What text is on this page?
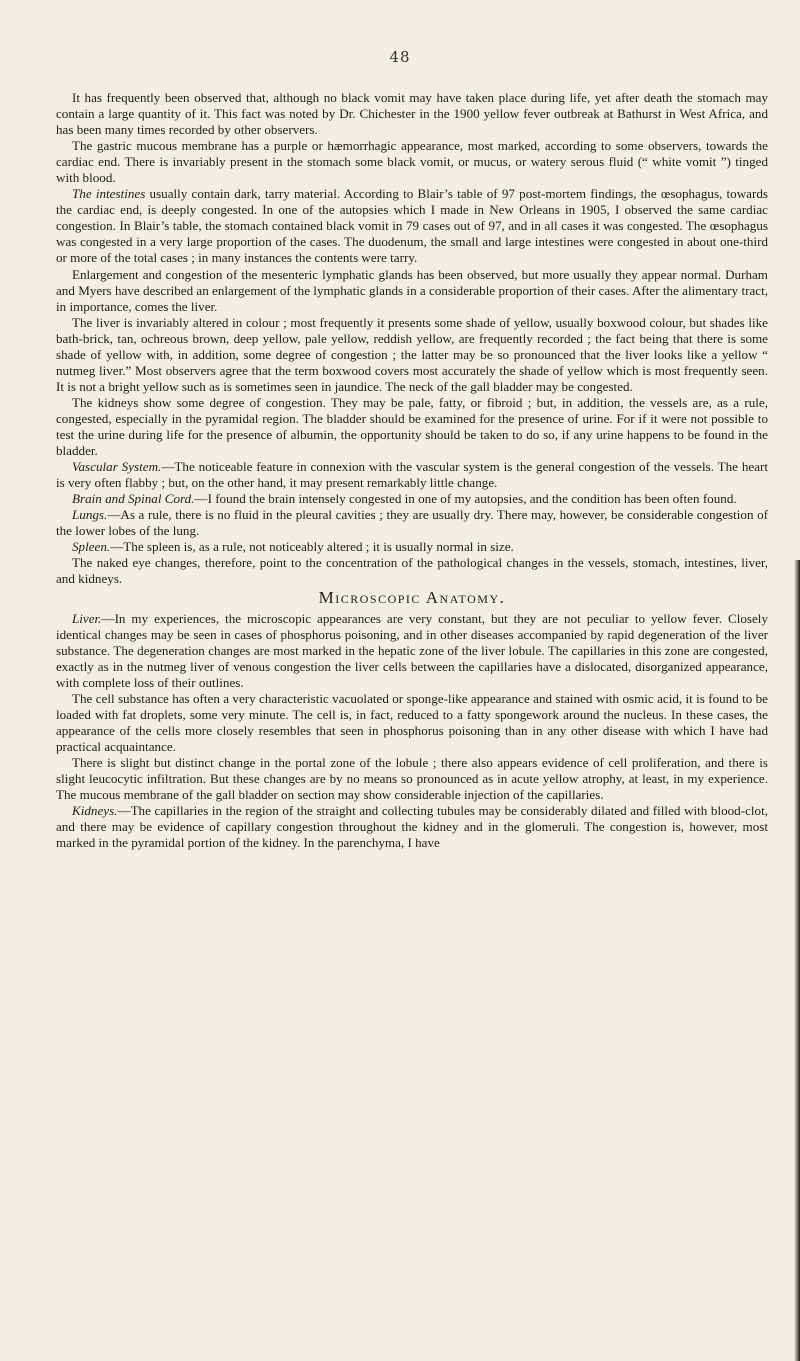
48

It has frequently been observed that, although no black vomit may have taken place during life, yet after death the stomach may contain a large quantity of it. This fact was noted by Dr. Chichester in the 1900 yellow fever outbreak at Bathurst in West Africa, and has been many times recorded by other observers.

The gastric mucous membrane has a purple or hæmorrhagic appearance, most marked, according to some observers, towards the cardiac end. There is invariably present in the stomach some black vomit, or mucus, or watery serous fluid (“ white vomit ”) tinged with blood.

The intestines usually contain dark, tarry material. According to Blair’s table of 97 post-mortem findings, the œsophagus, towards the cardiac end, is deeply congested. In one of the autopsies which I made in New Orleans in 1905, I observed the same cardiac congestion. In Blair’s table, the stomach contained black vomit in 79 cases out of 97, and in all cases it was congested. The œsophagus was congested in a very large proportion of the cases. The duodenum, the small and large intestines were congested in about one-third or more of the total cases ; in many instances the contents were tarry.

Enlargement and congestion of the mesenteric lymphatic glands has been observed, but more usually they appear normal. Durham and Myers have described an enlargement of the lymphatic glands in a considerable proportion of their cases. After the alimentary tract, in importance, comes the liver.

The liver is invariably altered in colour ; most frequently it presents some shade of yellow, usually boxwood colour, but shades like bath-brick, tan, ochreous brown, deep yellow, pale yellow, reddish yellow, are frequently recorded ; the fact being that there is some shade of yellow with, in addition, some degree of congestion ; the latter may be so pronounced that the liver looks like a yellow “ nutmeg liver.” Most observers agree that the term boxwood covers most accurately the shade of yellow which is most frequently seen. It is not a bright yellow such as is sometimes seen in jaundice. The neck of the gall bladder may be congested.

The kidneys show some degree of congestion. They may be pale, fatty, or fibroid ; but, in addition, the vessels are, as a rule, congested, especially in the pyramidal region. The bladder should be examined for the presence of urine. For if it were not possible to test the urine during life for the presence of albumin, the opportunity should be taken to do so, if any urine happens to be found in the bladder.

Vascular System.—The noticeable feature in connexion with the vascular system is the general congestion of the vessels. The heart is very often flabby ; but, on the other hand, it may present remarkably little change.

Brain and Spinal Cord.—I found the brain intensely congested in one of my autopsies, and the condition has been often found.

Lungs.—As a rule, there is no fluid in the pleural cavities ; they are usually dry. There may, however, be considerable congestion of the lower lobes of the lung.

Spleen.—The spleen is, as a rule, not noticeably altered ; it is usually normal in size.

The naked eye changes, therefore, point to the concentration of the pathological changes in the vessels, stomach, intestines, liver, and kidneys.

Microscopic Anatomy.

Liver.—In my experiences, the microscopic appearances are very constant, but they are not peculiar to yellow fever. Closely identical changes may be seen in cases of phosphorus poisoning, and in other diseases accompanied by rapid degeneration of the liver substance. The degeneration changes are most marked in the hepatic zone of the liver lobule. The capillaries in this zone are congested, exactly as in the nutmeg liver of venous congestion the liver cells between the capillaries have a dislocated, disorganized appearance, with complete loss of their outlines.

The cell substance has often a very characteristic vacuolated or sponge-like appearance and stained with osmic acid, it is found to be loaded with fat droplets, some very minute. The cell is, in fact, reduced to a fatty spongework around the nucleus. In these cases, the appearance of the cells more closely resembles that seen in phosphorus poisoning than in any other disease with which I have had practical acquaintance.

There is slight but distinct change in the portal zone of the lobule ; there also appears evidence of cell proliferation, and there is slight leucocytic infiltration. But these changes are by no means so pronounced as in acute yellow atrophy, at least, in my experience. The mucous membrane of the gall bladder on section may show considerable injection of the capillaries.

Kidneys.—The capillaries in the region of the straight and collecting tubules may be considerably dilated and filled with blood-clot, and there may be evidence of capillary congestion throughout the kidney and in the glomeruli. The congestion is, however, most marked in the pyramidal portion of the kidney. In the parenchyma, I have
